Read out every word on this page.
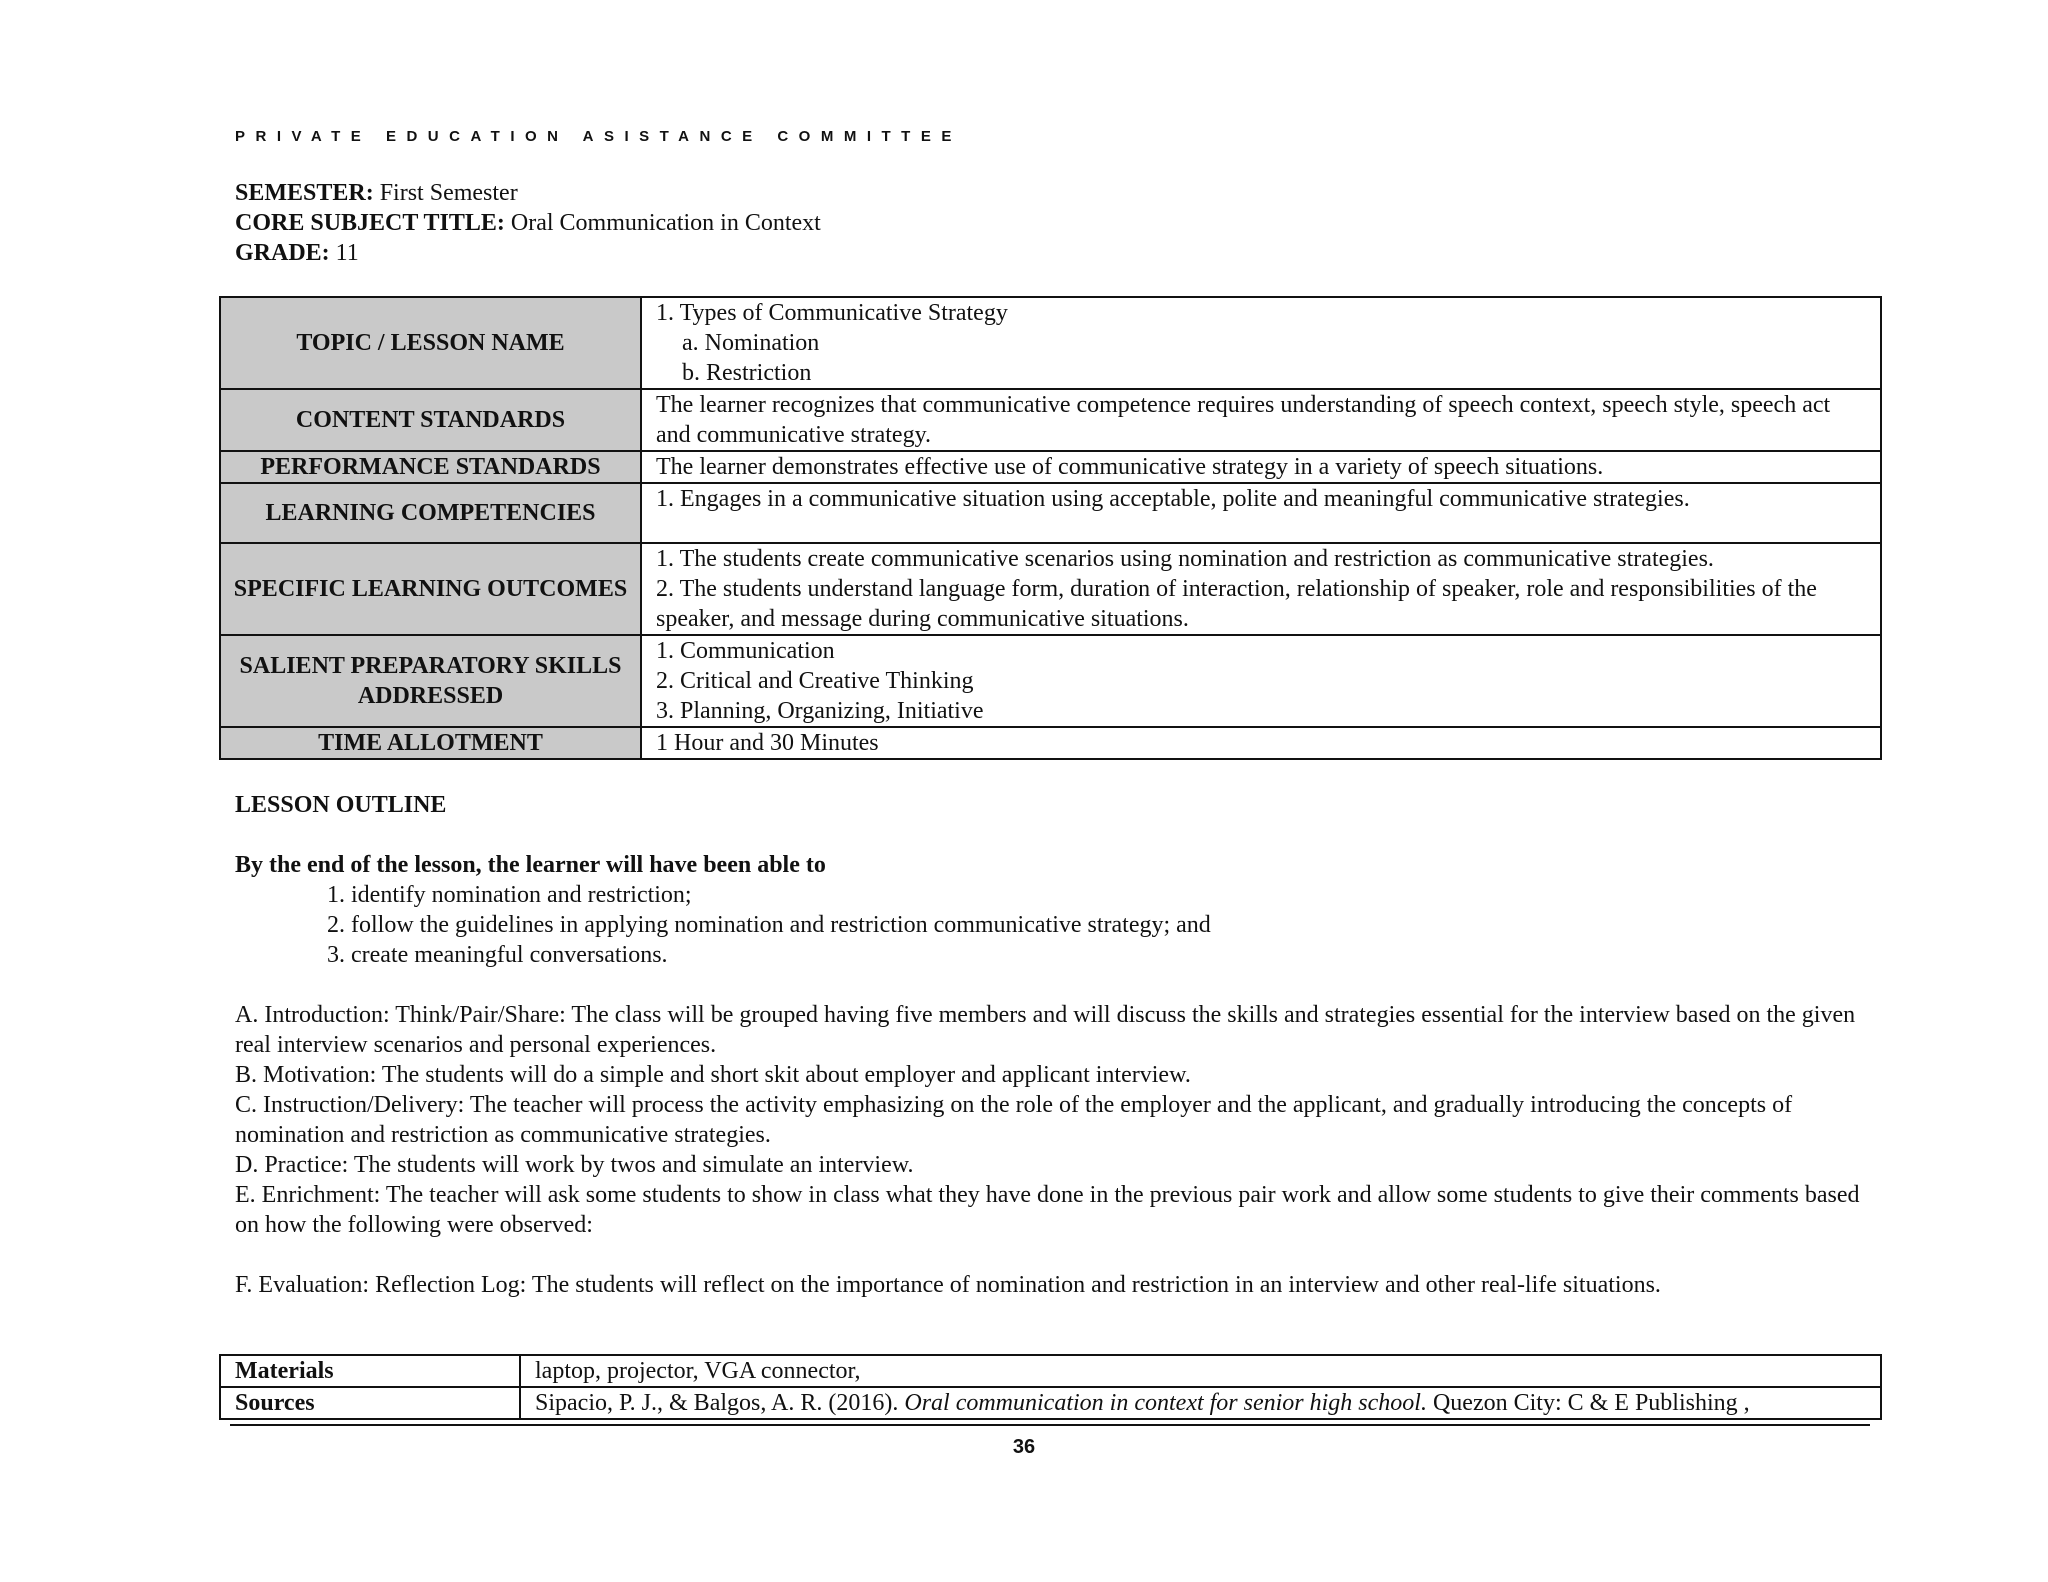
PRIVATE EDUCATION ASISTANCE COMMITTEE
SEMESTER: First Semester
CORE SUBJECT TITLE: Oral Communication in Context
GRADE: 11
TOPIC / LESSON NAME	1. Types of Communicative Strategy
a. Nomination
b. Restriction

CONTENT STANDARDS	The learner recognizes that communicative competence requires understanding of speech context, speech style, speech act and communicative strategy.
PERFORMANCE STANDARDS	The learner demonstrates effective use of communicative strategy in a variety of speech situations.
LEARNING COMPETENCIES	1. Engages in a communicative situation using acceptable, polite and meaningful communicative strategies.
SPECIFIC LEARNING OUTCOMES	1. The students create communicative scenarios using nomination and restriction as communicative strategies.
2. The students understand language form, duration of interaction, relationship of speaker, role and responsibilities of the speaker, and message during communicative situations.

SALIENT PREPARATORY SKILLS ADDRESSED	1. Communication
2. Critical and Creative Thinking
3. Planning, Organizing, Initiative

TIME ALLOTMENT	1 Hour and 30 Minutes
LESSON OUTLINE
By the end of the lesson, the learner will have been able to
1. identify nomination and restriction;
2. follow the guidelines in applying nomination and restriction communicative strategy; and
3. create meaningful conversations.

A. Introduction: Think/Pair/Share: The class will be grouped having five members and will discuss the skills and strategies essential for the interview based on the given real interview scenarios and personal experiences.

B. Motivation: The students will do a simple and short skit about employer and applicant interview.

C. Instruction/Delivery: The teacher will process the activity emphasizing on the role of the employer and the applicant, and gradually introducing the concepts of nomination and restriction as communicative strategies.

D. Practice: The students will work by twos and simulate an interview.

E. Enrichment: The teacher will ask some students to show in class what they have done in the previous pair work and allow some students to give their comments based on how the following were observed:

F. Evaluation: Reflection Log: The students will reflect on the importance of nomination and restriction in an interview and other real-life situations.

Materials	laptop, projector, VGA connector,
Sources	Sipacio, P. J., & Balgos, A. R. (2016). Oral communication in context for senior high school. Quezon City: C & E Publishing ,
36
